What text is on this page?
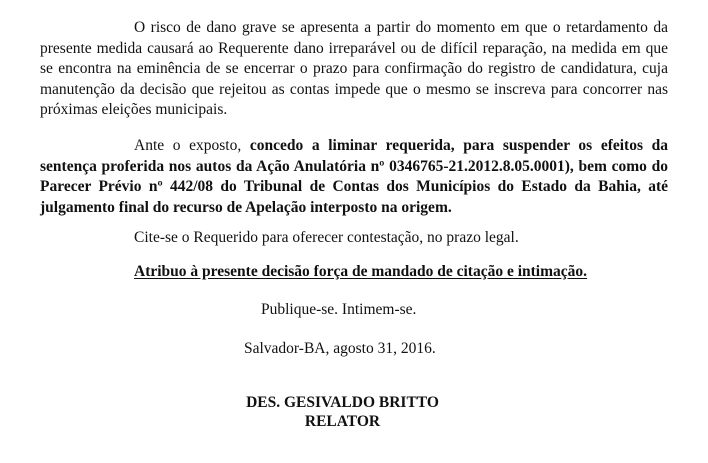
O risco de dano grave se apresenta a partir do momento em que o retardamento da presente medida causará ao Requerente dano irreparável ou de difícil reparação, na medida em que se encontra na eminência de se encerrar o prazo para confirmação do registro de candidatura, cuja manutenção da decisão que rejeitou as contas impede que o mesmo se inscreva para concorrer nas próximas eleições municipais.

Ante o exposto, concedo a liminar requerida, para suspender os efeitos da sentença proferida nos autos da Ação Anulatória nº 0346765-21.2012.8.05.0001), bem como do Parecer Prévio nº 442/08 do Tribunal de Contas dos Municípios do Estado da Bahia, até julgamento final do recurso de Apelação interposto na origem.

Cite-se o Requerido para oferecer contestação, no prazo legal.

Atribuo à presente decisão força de mandado de citação e intimação.

Publique-se. Intimem-se.

Salvador-BA, agosto 31, 2016.

DES. GESIVALDO BRITTO

RELATOR
